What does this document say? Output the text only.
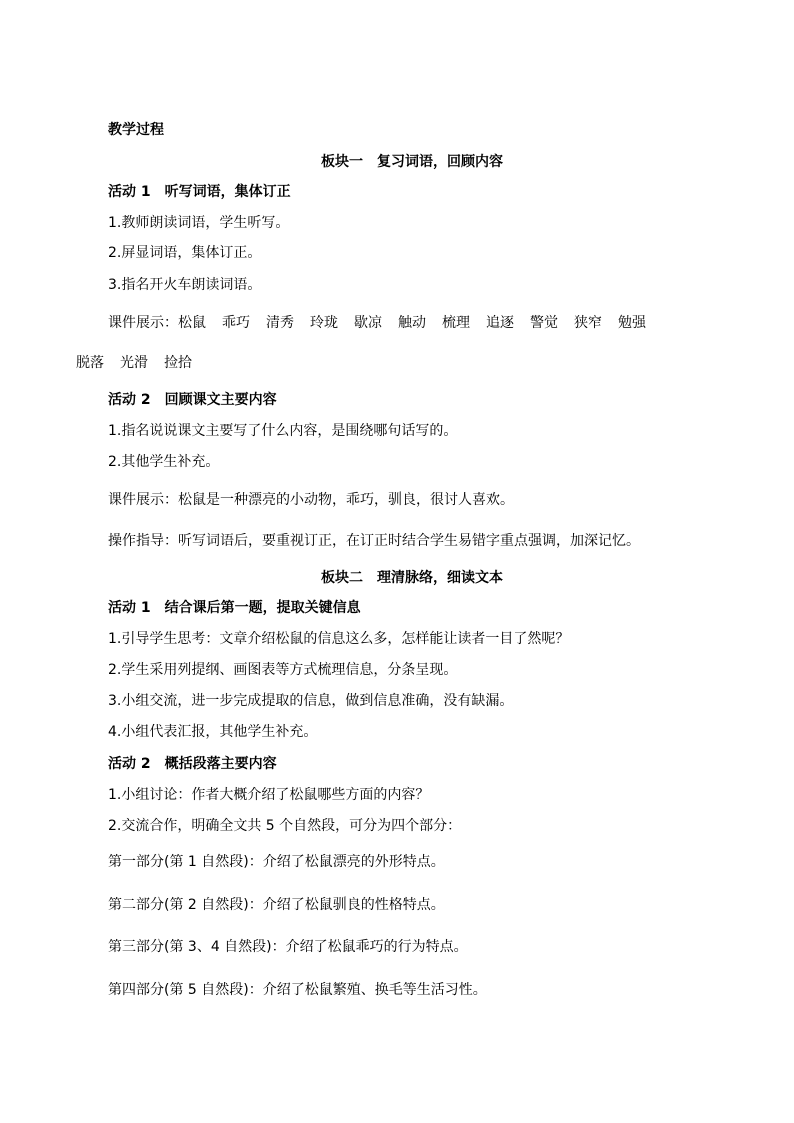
教学过程

板块一 复习词语，回顾内容

活动 1 听写词语，集体订正

1.教师朗读词语，学生听写。

2.屏显词语，集体订正。

3.指名开火车朗读词语。

课件展示：松鼠 乖巧 清秀 玲珑 歇凉 触动 梳理 追逐 警觉 狭窄 勉强

脱落 光滑 捡拾

活动 2 回顾课文主要内容

1.指名说说课文主要写了什么内容，是围绕哪句话写的。

2.其他学生补充。

课件展示：松鼠是一种漂亮的小动物，乖巧，驯良，很讨人喜欢。

操作指导：听写词语后，要重视订正，在订正时结合学生易错字重点强调，加深记忆。

板块二 理清脉络，细读文本

活动 1 结合课后第一题，提取关键信息

1.引导学生思考：文章介绍松鼠的信息这么多，怎样能让读者一目了然呢？

2.学生采用列提纲、画图表等方式梳理信息，分条呈现。

3.小组交流，进一步完成提取的信息，做到信息准确，没有缺漏。

4.小组代表汇报，其他学生补充。

活动 2 概括段落主要内容

1.小组讨论：作者大概介绍了松鼠哪些方面的内容？

2.交流合作，明确全文共 5 个自然段，可分为四个部分：

第一部分(第 1 自然段)：介绍了松鼠漂亮的外形特点。

第二部分(第 2 自然段)：介绍了松鼠驯良的性格特点。

第三部分(第 3、4 自然段)：介绍了松鼠乖巧的行为特点。

第四部分(第 5 自然段)：介绍了松鼠繁殖、换毛等生活习性。
